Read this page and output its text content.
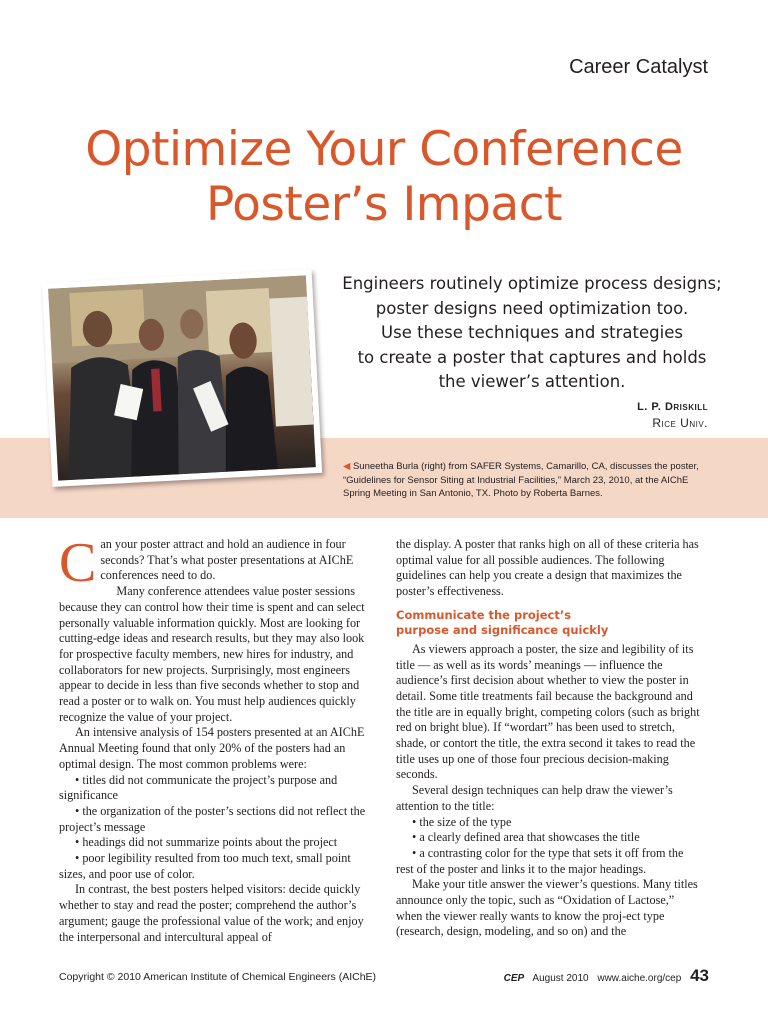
Career Catalyst
Optimize Your Conference
Poster’s Impact
Engineers routinely optimize process designs;
poster designs need optimization too.
Use these techniques and strategies
to create a poster that captures and holds
the viewer’s attention.
L. P. Driskill
Rice Univ.
◀ Suneetha Burla (right) from SAFER Systems, Camarillo, CA, discusses the poster, “Guidelines for Sensor Siting at Industrial Facilities,” March 23, 2010, at the AIChE Spring Meeting in San Antonio, TX. Photo by Roberta Barnes.

Can your poster attract and hold an audience in four seconds? That’s what poster presentations at AIChE conferences need to do.

Many conference attendees value poster sessions because they can control how their time is spent and can select personally valuable information quickly. Most are looking for cutting-edge ideas and research results, but they may also look for prospective faculty members, new hires for industry, and collaborators for new projects. Surprisingly, most engineers appear to decide in less than five seconds whether to stop and read a poster or to walk on. You must help audiences quickly recognize the value of your project.

An intensive analysis of 154 posters presented at an AIChE Annual Meeting found that only 20% of the posters had an optimal design. The most common problems were:

• titles did not communicate the project’s purpose and significance

• the organization of the poster’s sections did not reflect the project’s message

• headings did not summarize points about the project

• poor legibility resulted from too much text, small point sizes, and poor use of color.

In contrast, the best posters helped visitors: decide quickly whether to stay and read the poster; comprehend the author’s argument; gauge the professional value of the work; and enjoy the interpersonal and intercultural appeal of

the display. A poster that ranks high on all of these criteria has optimal value for all possible audiences. The following guidelines can help you create a design that maximizes the poster’s effectiveness.

Communicate the project’s
purpose and significance quickly

As viewers approach a poster, the size and legibility of its title — as well as its words’ meanings — influence the audience’s first decision about whether to view the poster in detail. Some title treatments fail because the background and the title are in equally bright, competing colors (such as bright red on bright blue). If “wordart” has been used to stretch, shade, or contort the title, the extra second it takes to read the title uses up one of those four precious decision-making seconds.

Several design techniques can help draw the viewer’s attention to the title:

• the size of the type

• a clearly defined area that showcases the title

• a contrasting color for the type that sets it off from the rest of the poster and links it to the major headings.

Make your title answer the viewer’s questions. Many titles announce only the topic, such as “Oxidation of Lactose,” when the viewer really wants to know the proj-ect type (research, design, modeling, and so on) and the

Copyright © 2010 American Institute of Chemical Engineers (AIChE)	CEP August 2010 www.aiche.org/cep 43
